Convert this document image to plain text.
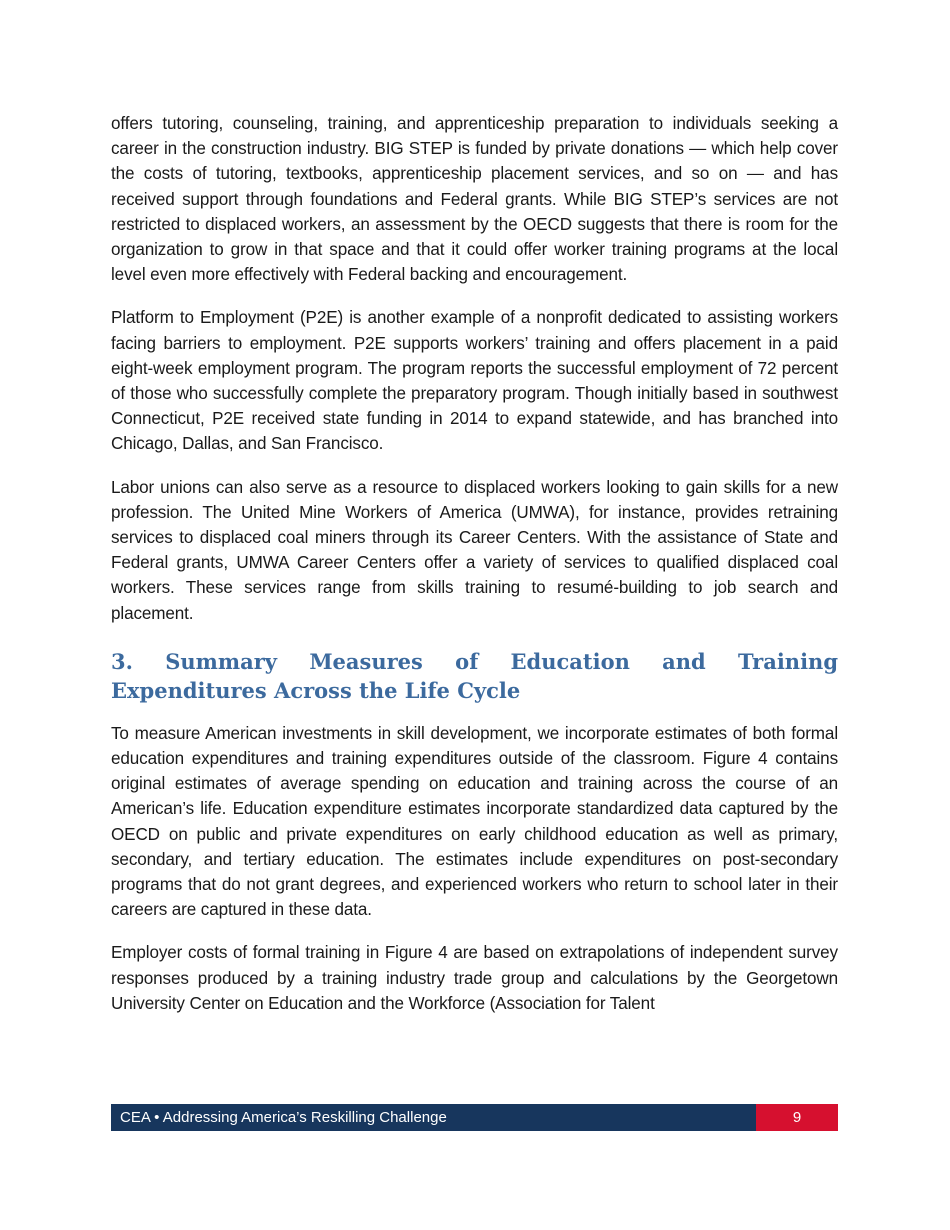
offers tutoring, counseling, training, and apprenticeship preparation to individuals seeking a career in the construction industry. BIG STEP is funded by private donations — which help cover the costs of tutoring, textbooks, apprenticeship placement services, and so on — and has received support through foundations and Federal grants. While BIG STEP’s services are not restricted to displaced workers, an assessment by the OECD suggests that there is room for the organization to grow in that space and that it could offer worker training programs at the local level even more effectively with Federal backing and encouragement.

Platform to Employment (P2E) is another example of a nonprofit dedicated to assisting workers facing barriers to employment. P2E supports workers’ training and offers placement in a paid eight-week employment program. The program reports the successful employment of 72 percent of those who successfully complete the preparatory program. Though initially based in southwest Connecticut, P2E received state funding in 2014 to expand statewide, and has branched into Chicago, Dallas, and San Francisco.

Labor unions can also serve as a resource to displaced workers looking to gain skills for a new profession. The United Mine Workers of America (UMWA), for instance, provides retraining services to displaced coal miners through its Career Centers. With the assistance of State and Federal grants, UMWA Career Centers offer a variety of services to qualified displaced coal workers. These services range from skills training to resumé-building to job search and placement.

3. Summary Measures of Education and Training Expenditures Across the Life Cycle

To measure American investments in skill development, we incorporate estimates of both formal education expenditures and training expenditures outside of the classroom. Figure 4 contains original estimates of average spending on education and training across the course of an American’s life. Education expenditure estimates incorporate standardized data captured by the OECD on public and private expenditures on early childhood education as well as primary, secondary, and tertiary education. The estimates include expenditures on post-secondary programs that do not grant degrees, and experienced workers who return to school later in their careers are captured in these data.

Employer costs of formal training in Figure 4 are based on extrapolations of independent survey responses produced by a training industry trade group and calculations by the Georgetown University Center on Education and the Workforce (Association for Talent

CEA • Addressing America’s Reskilling Challenge	9
